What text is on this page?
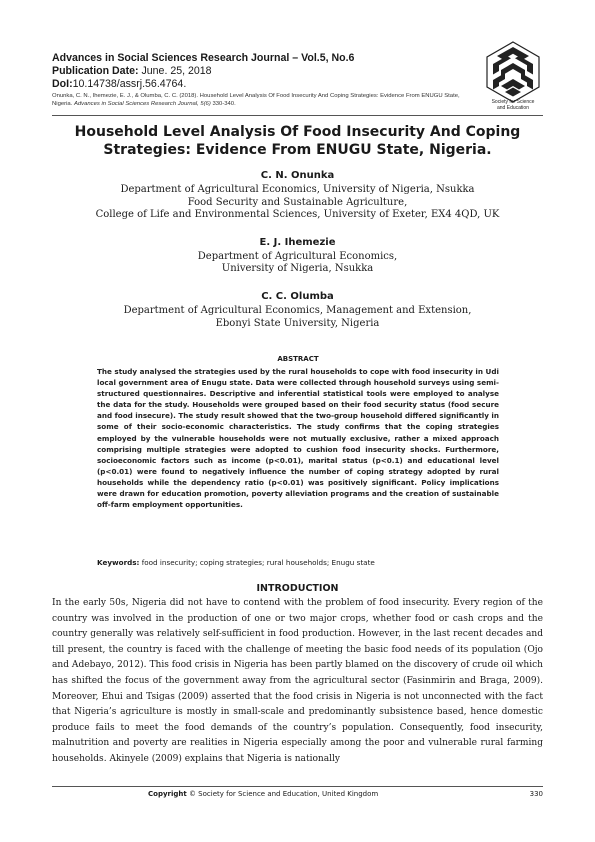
Advances in Social Sciences Research Journal – Vol.5, No.6
Publication Date: June. 25, 2018
DoI:10.14738/assrj.56.4764.
Onunka, C. N., Ihemezie, E. J., & Olumba, C. C. (2018). Household Level Analysis Of Food Insecurity And Coping Strategies: Evidence From ENUGU State, Nigeria. Advances in Social Sciences Research Journal, 5(6) 330-340.	Society for Science
and Education
Household Level Analysis Of Food Insecurity And Coping Strategies: Evidence From ENUGU State, Nigeria.
C. N. Onunka
Department of Agricultural Economics, University of Nigeria, Nsukka
Food Security and Sustainable Agriculture,
College of Life and Environmental Sciences, University of Exeter, EX4 4QD, UK
E. J. Ihemezie
Department of Agricultural Economics,
University of Nigeria, Nsukka
C. C. Olumba
Department of Agricultural Economics, Management and Extension,
Ebonyi State University, Nigeria
ABSTRACT
The study analysed the strategies used by the rural households to cope with food insecurity in Udi local government area of Enugu state. Data were collected through household surveys using semi-structured questionnaires. Descriptive and inferential statistical tools were employed to analyse the data for the study. Households were grouped based on their food security status (food secure and food insecure). The study result showed that the two-group household differed significantly in some of their socio-economic characteristics. The study confirms that the coping strategies employed by the vulnerable households were not mutually exclusive, rather a mixed approach comprising multiple strategies were adopted to cushion food insecurity shocks. Furthermore, socioeconomic factors such as income (p<0.01), marital status (p<0.1) and educational level (p<0.01) were found to negatively influence the number of coping strategy adopted by rural households while the dependency ratio (p<0.01) was positively significant. Policy implications were drawn for education promotion, poverty alleviation programs and the creation of sustainable off-farm employment opportunities.
Keywords: food insecurity; coping strategies; rural households; Enugu state
INTRODUCTION
In the early 50s, Nigeria did not have to contend with the problem of food insecurity. Every region of the country was involved in the production of one or two major crops, whether food or cash crops and the country generally was relatively self-sufficient in food production. However, in the last recent decades and till present, the country is faced with the challenge of meeting the basic food needs of its population (Ojo and Adebayo, 2012). This food crisis in Nigeria has been partly blamed on the discovery of crude oil which has shifted the focus of the government away from the agricultural sector (Fasinmirin and Braga, 2009). Moreover, Ehui and Tsigas (2009) asserted that the food crisis in Nigeria is not unconnected with the fact that Nigeria’s agriculture is mostly in small-scale and predominantly subsistence based, hence domestic produce fails to meet the food demands of the country’s population. Consequently, food insecurity, malnutrition and poverty are realities in Nigeria especially among the poor and vulnerable rural farming households. Akinyele (2009) explains that Nigeria is nationally
Copyright © Society for Science and Education, United Kingdom	330
